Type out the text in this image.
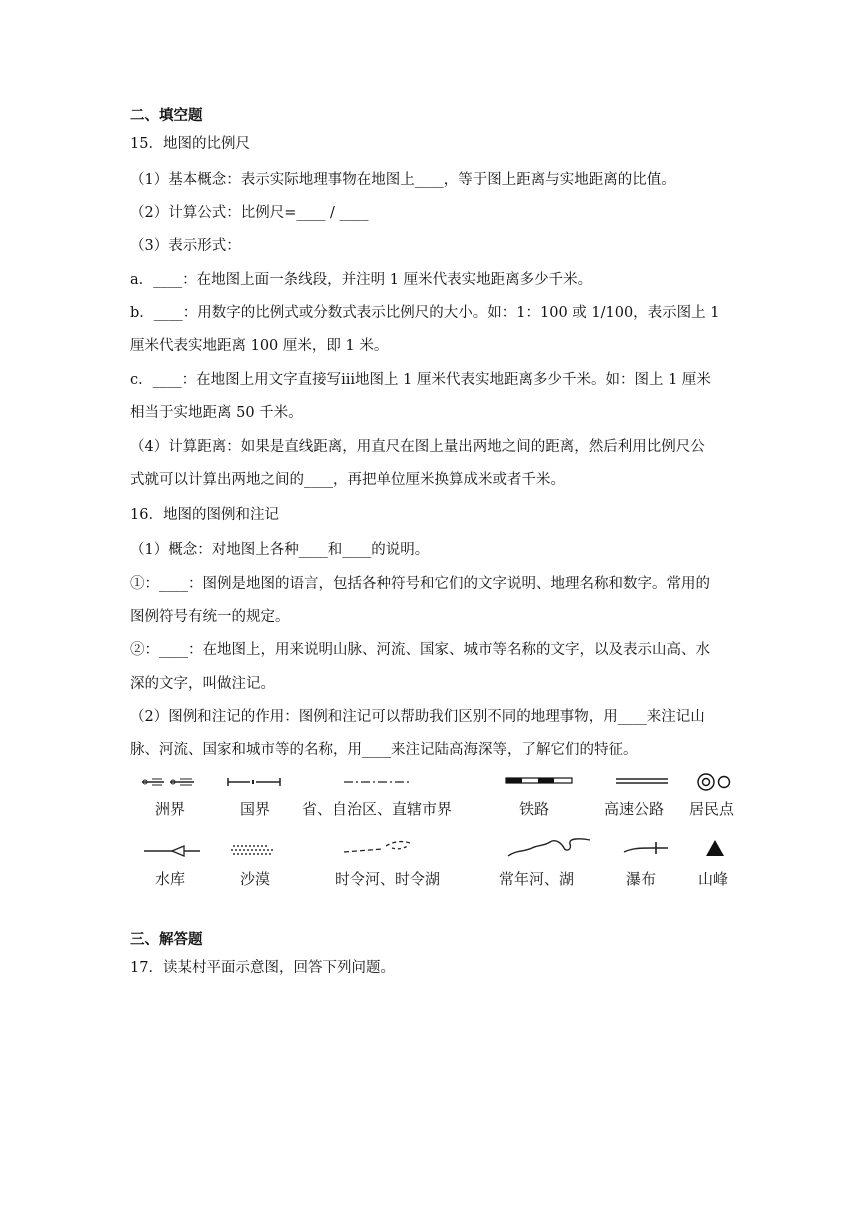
二、填空题
15．地图的比例尺
（1）基本概念：表示实际地理事物在地图上____，等于图上距离与实地距离的比值。
（2）计算公式：比例尺=____ / ____
（3）表示形式：
a．____：在地图上面一条线段，并注明 1 厘米代表实地距离多少千米。
b．____：用数字的比例式或分数式表示比例尺的大小。如：1：100 或 1/100，表示图上 1
厘米代表实地距离 100 厘米，即 1 米。
c．____：在地图上用文字直接写ⅲ地图上 1 厘米代表实地距离多少千米。如：图上 1 厘米
相当于实地距离 50 千米。
（4）计算距离：如果是直线距离，用直尺在图上量出两地之间的距离，然后利用比例尺公
式就可以计算出两地之间的____，再把单位厘米换算成米或者千米。
16．地图的图例和注记
（1）概念：对地图上各种____和____的说明。
①：____：图例是地图的语言，包括各种符号和它们的文字说明、地理名称和数字。常用的
图例符号有统一的规定。
②：____：在地图上，用来说明山脉、河流、国家、城市等名称的文字，以及表示山高、水
深的文字，叫做注记。
（2）图例和注记的作用：图例和注记可以帮助我们区别不同的地理事物，用____来注记山
脉、河流、国家和城市等的名称，用____来注记陆高海深等，了解它们的特征。
洲界	国界 省、自治区、直辖市界	铁路	高速公路 居民点
水库	沙漠	时令河、时令湖	常年河、湖	瀑布	山峰
三、解答题
17．读某村平面示意图，回答下列问题。
